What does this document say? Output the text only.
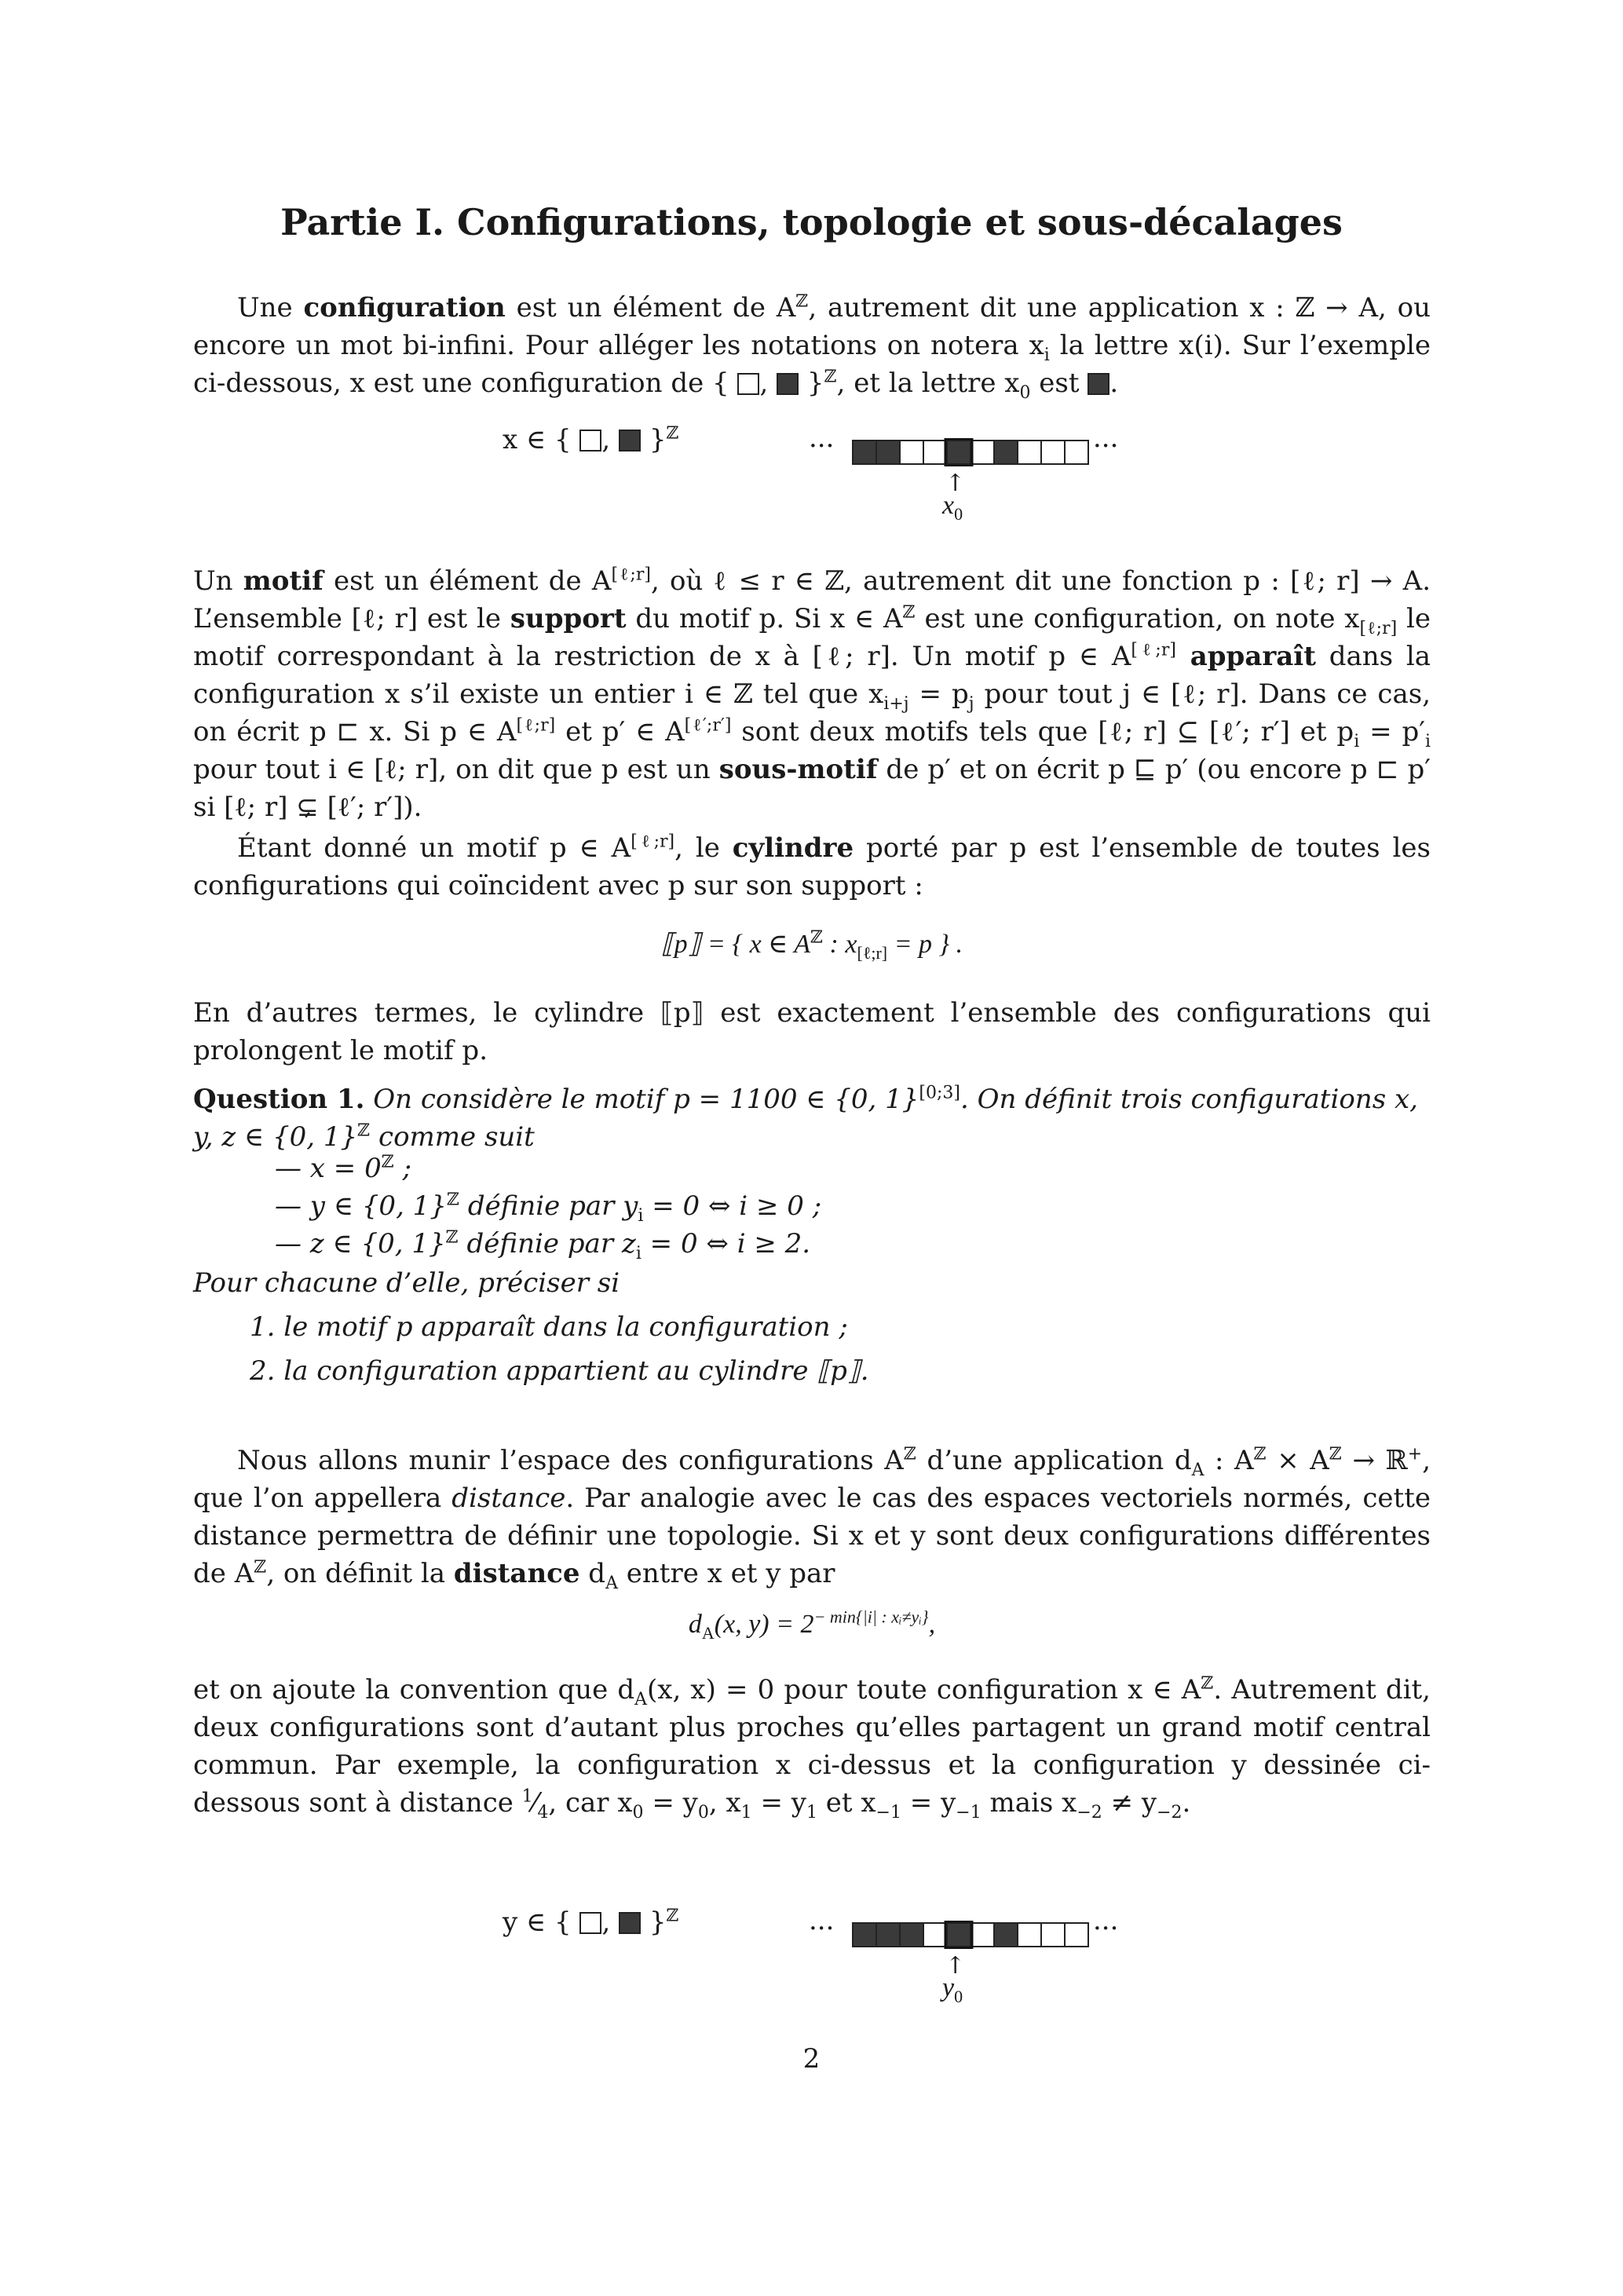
Partie I. Configurations, topologie et sous-décalages

Une configuration est un élément de $A^ℤ$, autrement dit une application x : ℤ → A, ou encore un mot bi-infini. Pour alléger les notations on notera $x_i$ la lettre x(i). Sur l’exemple ci-dessous, x est une configuration de { ,  }$^ℤ$, et la lettre $x_0$ est .

x ∈ { ,  }$^ℤ$	···	···
↑
$x_0$

Un motif est un élément de A[ℓ;r], où ℓ ≤ r ∈ ℤ, autrement dit une fonction p : [ℓ; r] → A. L’ensemble [ℓ; r] est le support du motif p. Si x ∈ $A^ℤ$ est une configuration, on note $x_{[\ell;r]}$ le motif correspondant à la restriction de x à [ℓ; r]. Un motif p ∈ A[ℓ;r] apparaît dans la configuration x s’il existe un entier i ∈ ℤ tel que $x_{i+j} = p_j$ pour tout j ∈ [ℓ; r]. Dans ce cas, on écrit p ⊏ x. Si p ∈ A[ℓ;r] et p′ ∈ A[ℓ′;r′] sont deux motifs tels que [ℓ; r] ⊆ [ℓ′; r′] et $p_i = p'_i$ pour tout i ∈ [ℓ; r], on dit que p est un sous-motif de p′ et on écrit p ⊑ p′ (ou encore p ⊏ p′ si [ℓ; r] ⊊ [ℓ′; r′]).

Étant donné un motif p ∈ A[ℓ;r], le cylindre porté par p est l’ensemble de toutes les configurations qui coïncident avec p sur son support :

⟦p⟧ = { x ∈ $A^ℤ$ : $x_{[\ell;r]} = p$ } .

En d’autres termes, le cylindre ⟦p⟧ est exactement l’ensemble des configurations qui prolongent le motif p.

Question 1. On considère le motif p = 1100 ∈ {0, 1}[0;3]. On définit trois configurations x, y, z ∈ {0, 1}$^ℤ$ comme suit

— $x = 0^ℤ$ ;
— y ∈ {0, 1}$^ℤ$ définie par $y_i = 0$ ⇔ i ≥ 0 ;
— z ∈ {0, 1}$^ℤ$ définie par $z_i = 0$ ⇔ i ≥ 2.
Pour chacune d’elle, préciser si
1. le motif p apparaît dans la configuration ;
2. la configuration appartient au cylindre ⟦p⟧.

Nous allons munir l’espace des configurations $A^ℤ$ d’une application $d_A$ : $A^ℤ \times A^ℤ$ → ℝ+, que l’on appellera distance. Par analogie avec le cas des espaces vectoriels normés, cette distance permettra de définir une topologie. Si x et y sont deux configurations différentes de $A^ℤ$, on définit la distance $d_A$ entre x et y par

$d_A(x$, $y) = 2^{- min\{|i| : xᵢ\ne yᵢ\}}$,

et on ajoute la convention que $d_A(x$, x) = 0 pour toute configuration x ∈ $A^ℤ$. Autrement dit, deux configurations sont d’autant plus proches qu’elles partagent un grand motif central commun. Par exemple, la configuration x ci-dessus et la configuration y dessinée ci-dessous sont à distance $^1⁄_4$, car $x_0 = y_0$, $x_1 = y_1$ et $x_{-1} = y_{-1}$ mais $x_{-2} \ne y_{-2}$.

y ∈ { ,  }$^ℤ$	···	···
↑
$y_0$
2
